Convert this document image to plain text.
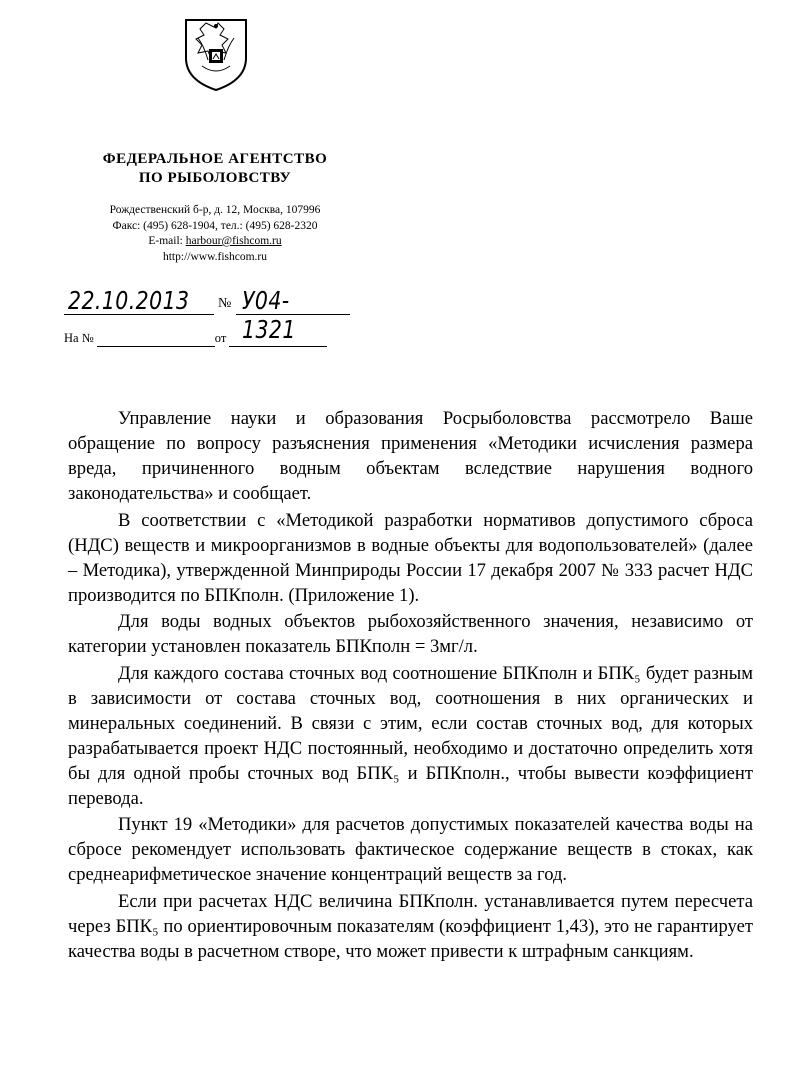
ФЕДЕРАЛЬНОЕ АГЕНТСТВО
ПО РЫБОЛОВСТВУ
Рождественский б-р, д. 12, Москва, 107996
Факс: (495) 628-1904, тел.: (495) 628-2320
E-mail: harbour@fishcom.ru
http://www.fishcom.ru
22.10.2013 № У04-1321
На №	от

Управление науки и образования Росрыболовства рассмотрело Ваше обращение по вопросу разъяснения применения «Методики исчисления размера вреда, причиненного водным объектам вследствие нарушения водного законодательства» и сообщает.

В соответствии с «Методикой разработки нормативов допустимого сброса (НДС) веществ и микроорганизмов в водные объекты для водопользователей» (далее – Методика), утвержденной Минприроды России 17 декабря 2007 № 333 расчет НДС производится по БПКполн. (Приложение 1).

Для воды водных объектов рыбохозяйственного значения, независимо от категории установлен показатель БПКполн = 3мг/л.

Для каждого состава сточных вод соотношение БПКполн и БПК₅ будет разным в зависимости от состава сточных вод, соотношения в них органических и минеральных соединений. В связи с этим, если состав сточных вод, для которых разрабатывается проект НДС постоянный, необходимо и достаточно определить хотя бы для одной пробы сточных вод БПК₅ и БПКполн., чтобы вывести коэффициент перевода.

Пункт 19 «Методики» для расчетов допустимых показателей качества воды на сбросе рекомендует использовать фактическое содержание веществ в стоках, как среднеарифметическое значение концентраций веществ за год.

Если при расчетах НДС величина БПКполн. устанавливается путем пересчета через БПК₅ по ориентировочным показателям (коэффициент 1,43), это не гарантирует качества воды в расчетном створе, что может привести к штрафным санкциям.
